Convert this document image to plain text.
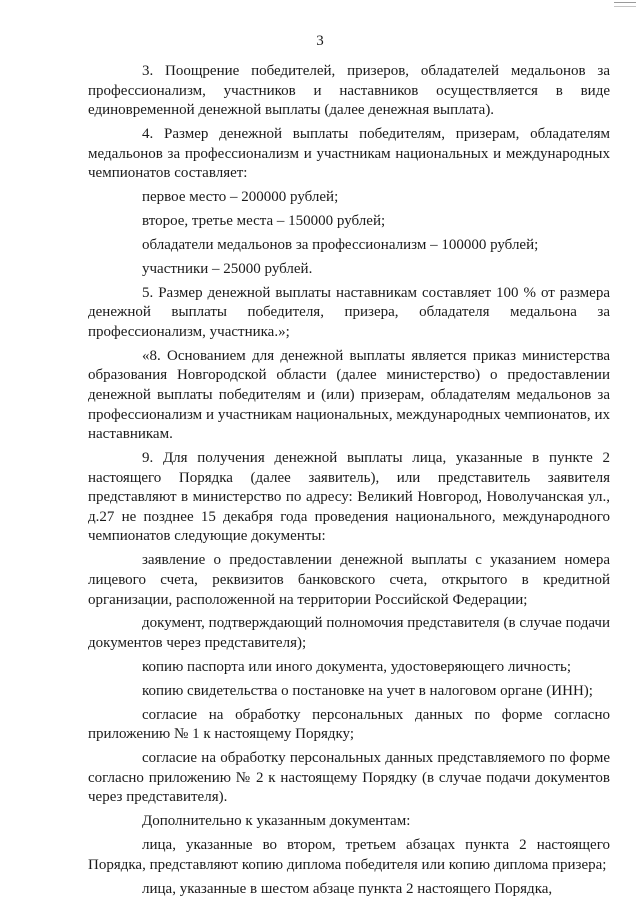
3

3. Поощрение победителей, призеров, обладателей медальонов за профессионализм, участников и наставников осуществляется в виде единовременной денежной выплаты (далее денежная выплата).

4. Размер денежной выплаты победителям, призерам, обладателям медальонов за профессионализм и участникам национальных и международных чемпионатов составляет:

первое место – 200000 рублей;

второе, третье места – 150000 рублей;

обладатели медальонов за профессионализм – 100000 рублей;

участники – 25000 рублей.

5. Размер денежной выплаты наставникам составляет 100 % от размера денежной выплаты победителя, призера, обладателя медальона за профессионализм, участника.»;

«8. Основанием для денежной выплаты является приказ министерства образования Новгородской области (далее министерство) о предоставлении денежной выплаты победителям и (или) призерам, обладателям медальонов за профессионализм и участникам национальных, международных чемпионатов, их наставникам.

9. Для получения денежной выплаты лица, указанные в пункте 2 настоящего Порядка (далее заявитель), или представитель заявителя представляют в министерство по адресу: Великий Новгород, Новолучанская ул., д.27 не позднее 15 декабря года проведения национального, международного чемпионатов следующие документы:

заявление о предоставлении денежной выплаты с указанием номера лицевого счета, реквизитов банковского счета, открытого в кредитной организации, расположенной на территории Российской Федерации;

документ, подтверждающий полномочия представителя (в случае подачи документов через представителя);

копию паспорта или иного документа, удостоверяющего личность;

копию свидетельства о постановке на учет в налоговом органе (ИНН);

согласие на обработку персональных данных по форме согласно приложению № 1 к настоящему Порядку;

согласие на обработку персональных данных представляемого по форме согласно приложению № 2 к настоящему Порядку (в случае подачи документов через представителя).

Дополнительно к указанным документам:

лица, указанные во втором, третьем абзацах пункта 2 настоящего Порядка, представляют копию диплома победителя или копию диплома призера;

лица, указанные в шестом абзаце пункта 2 настоящего Порядка,
